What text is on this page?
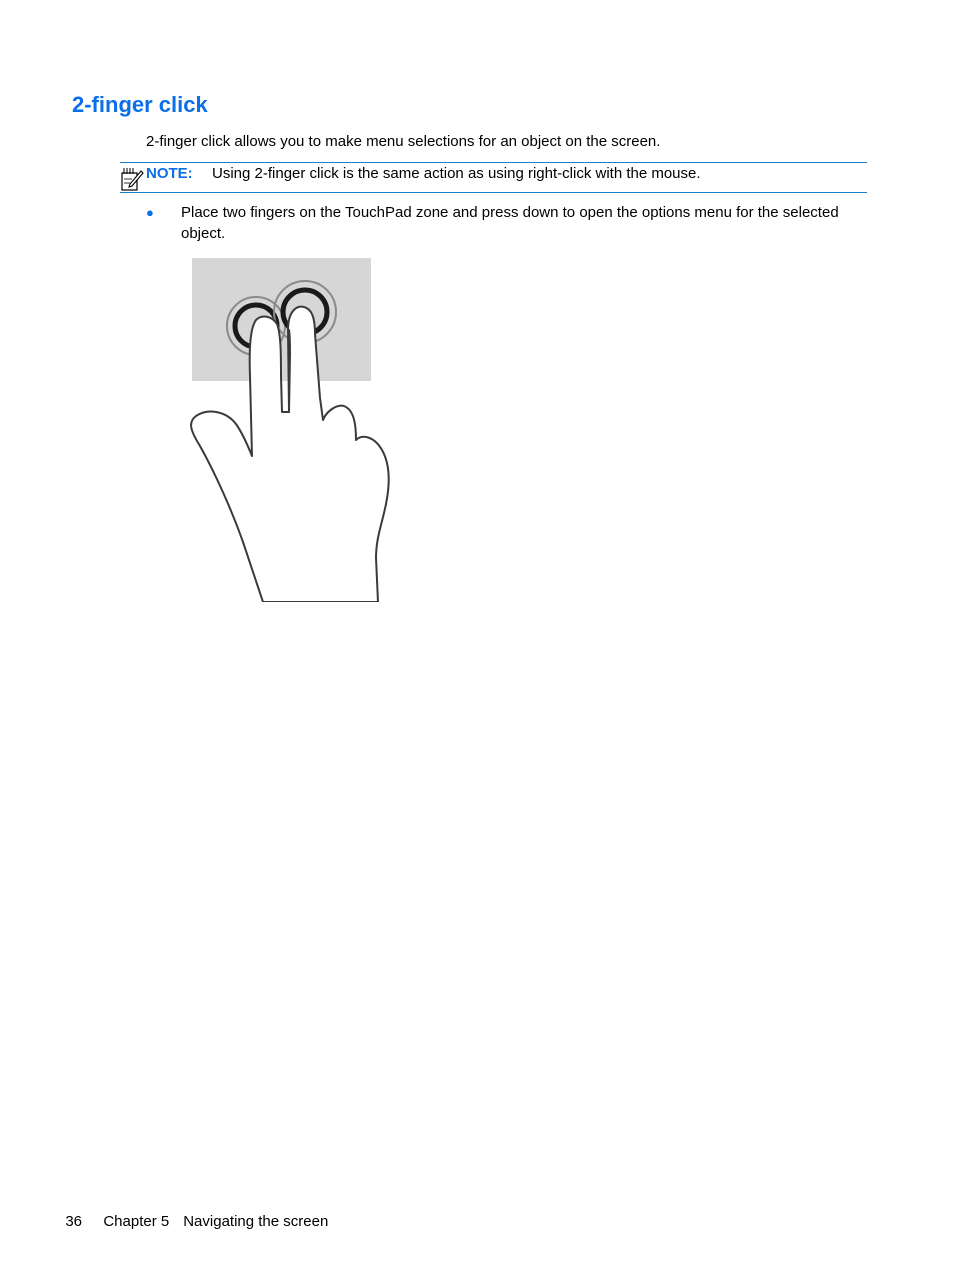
2-finger click

2-finger click allows you to make menu selections for an object on the screen.

NOTE: Using 2-finger click is the same action as using right-click with the mouse.
● Place two fingers on the TouchPad zone and press down to open the options menu for the selected object.

36 Chapter 5 Navigating the screen
